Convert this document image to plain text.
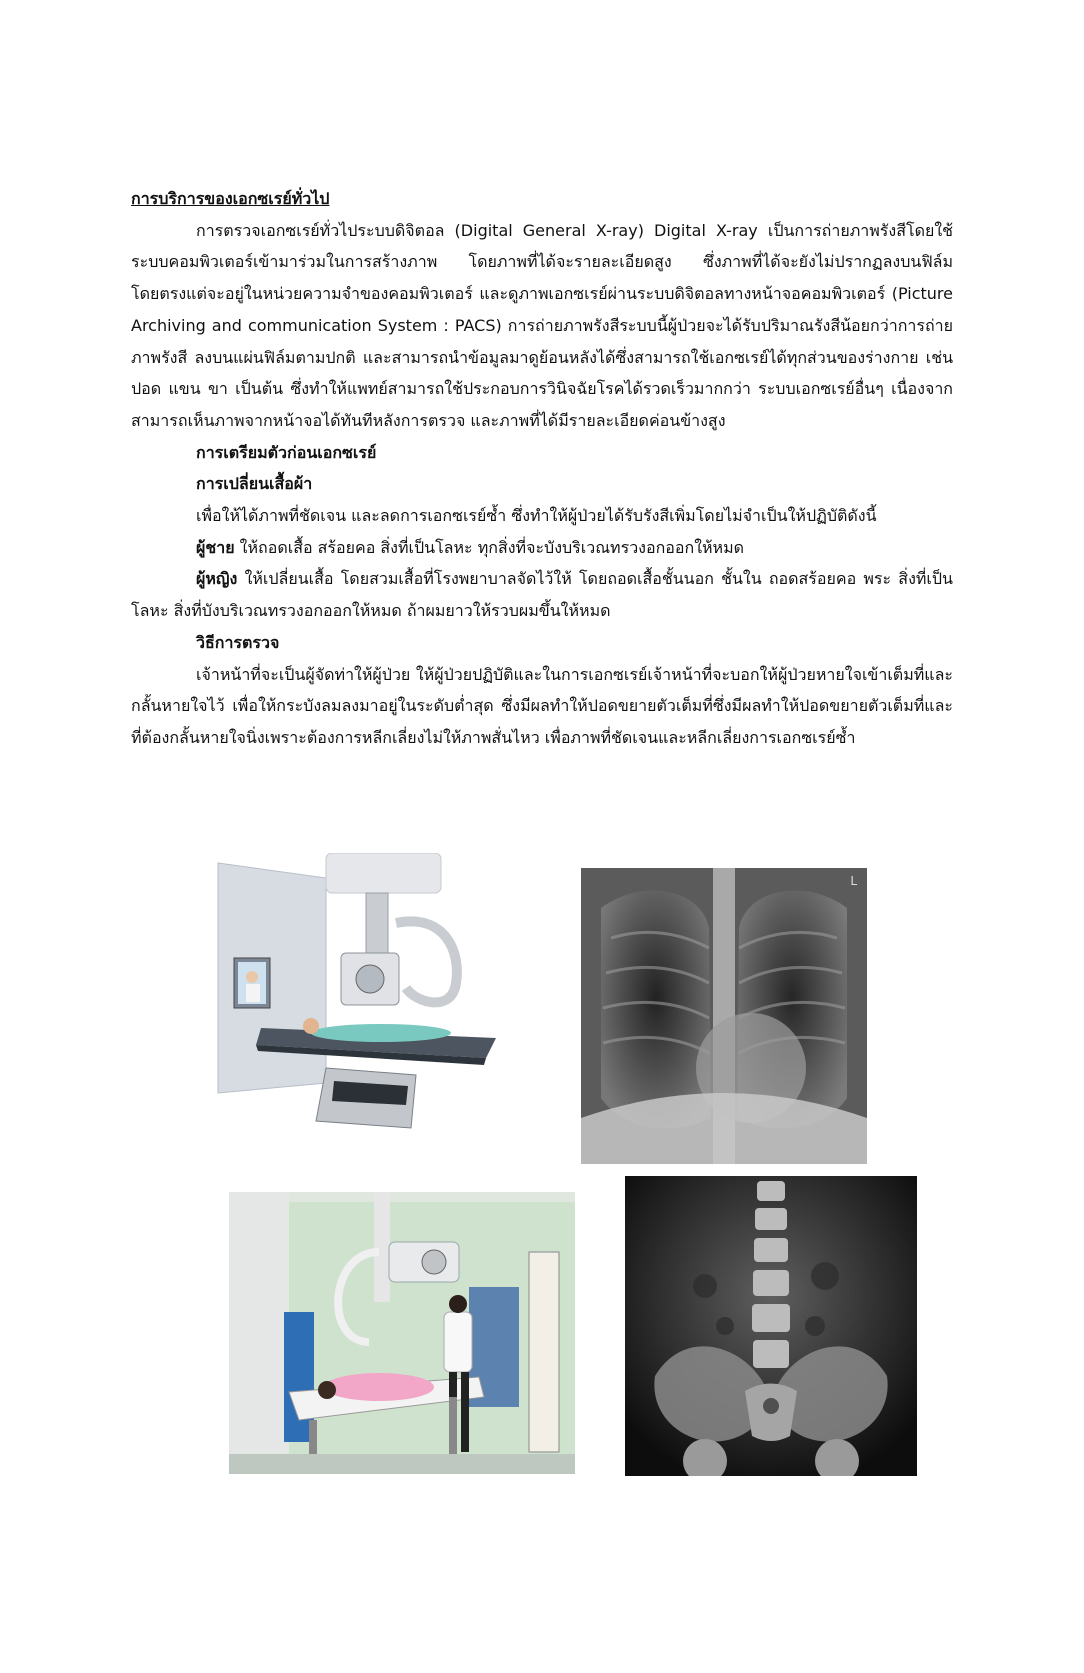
การบริการของเอกซเรย์ทั่วไป

การตรวจเอกซเรย์ทั่วไประบบดิจิตอล (Digital General X-ray) Digital X-ray เป็นการถ่ายภาพรังสีโดยใช้ระบบคอมพิวเตอร์เข้ามาร่วมในการสร้างภาพ โดยภาพที่ได้จะรายละเอียดสูง ซึ่งภาพที่ได้จะยังไม่ปรากฏลงบนฟิล์มโดยตรงแต่จะอยู่ในหน่วยความจำของคอมพิวเตอร์ และดูภาพเอกซเรย์ผ่านระบบดิจิตอลทางหน้าจอคอมพิวเตอร์ (Picture Archiving and communication System : PACS) การถ่ายภาพรังสีระบบนี้ผู้ป่วยจะได้รับปริมาณรังสีน้อยกว่าการถ่ายภาพรังสี ลงบนแผ่นฟิล์มตามปกติ และสามารถนำข้อมูลมาดูย้อนหลังได้ซึ่งสามารถใช้เอกซเรย์ได้ทุกส่วนของร่างกาย เช่น ปอด แขน ขา เป็นต้น ซึ่งทำให้แพทย์สามารถใช้ประกอบการวินิจฉัยโรคได้รวดเร็วมากกว่า ระบบเอกซเรย์อื่นๆ เนื่องจากสามารถเห็นภาพจากหน้าจอได้ทันทีหลังการตรวจ และภาพที่ได้มีรายละเอียดค่อนข้างสูง

การเตรียมตัวก่อนเอกซเรย์

การเปลี่ยนเสื้อผ้า

เพื่อให้ได้ภาพที่ชัดเจน และลดการเอกซเรย์ซ้ำ ซึ่งทำให้ผู้ป่วยได้รับรังสีเพิ่มโดยไม่จำเป็นให้ปฏิบัติดังนี้

ผู้ชาย ให้ถอดเสื้อ สร้อยคอ สิ่งที่เป็นโลหะ ทุกสิ่งที่จะบังบริเวณทรวงอกออกให้หมด

ผู้หญิง ให้เปลี่ยนเสื้อ โดยสวมเสื้อที่โรงพยาบาลจัดไว้ให้ โดยถอดเสื้อชั้นนอก ชั้นใน ถอดสร้อยคอ พระ สิ่งที่เป็นโลหะ สิ่งที่บังบริเวณทรวงอกออกให้หมด ถ้าผมยาวให้รวบผมขึ้นให้หมด

วิธีการตรวจ

เจ้าหน้าที่จะเป็นผู้จัดท่าให้ผู้ป่วย ให้ผู้ป่วยปฏิบัติและในการเอกซเรย์เจ้าหน้าที่จะบอกให้ผู้ป่วยหายใจเข้าเต็มที่และกลั้นหายใจไว้ เพื่อให้กระบังลมลงมาอยู่ในระดับต่ำสุด ซึ่งมีผลทำให้ปอดขยายตัวเต็มที่ซึ่งมีผลทำให้ปอดขยายตัวเต็มที่และที่ต้องกลั้นหายใจนิ่งเพราะต้องการหลีกเลี่ยงไม่ให้ภาพสั่นไหว เพื่อภาพที่ชัดเจนและหลีกเลี่ยงการเอกซเรย์ซ้ำ

L
